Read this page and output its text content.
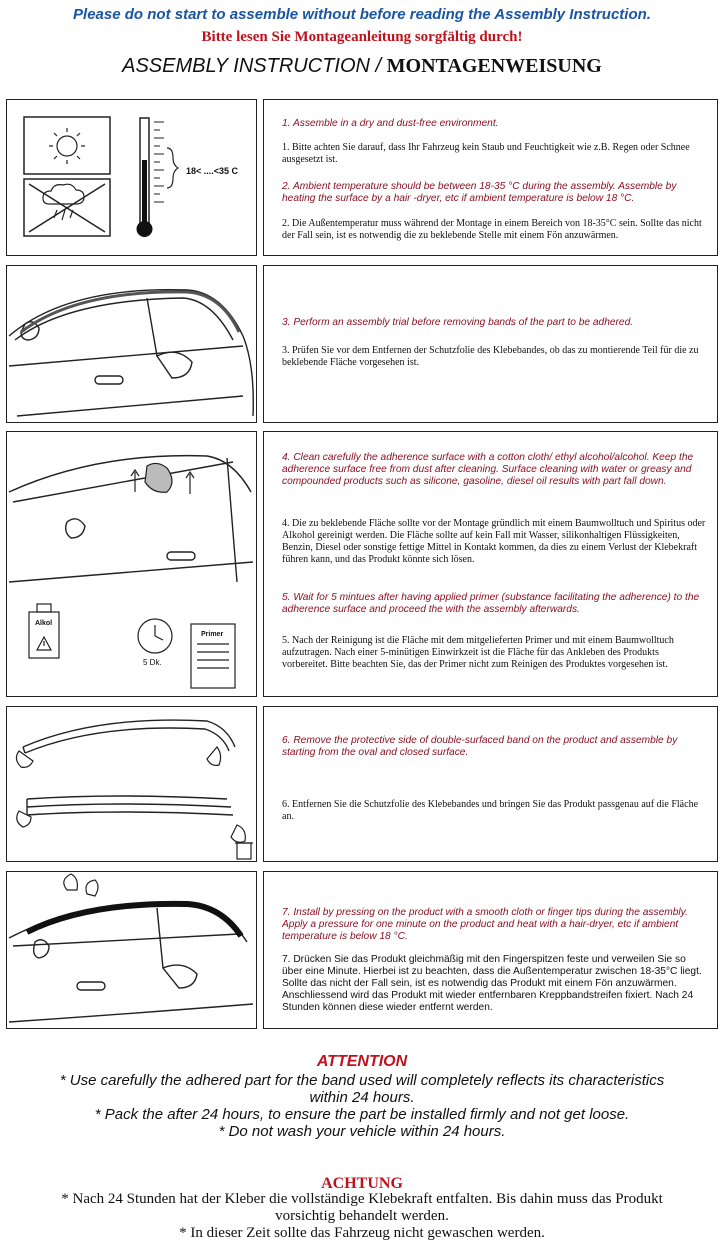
Please do not start to assemble without before reading the Assembly Instruction.
Bitte lesen Sie Montageanleitung sorgfältig durch!
ASSEMBLY INSTRUCTION / MONTAGENWEISUNG
18< ....<35 C
1. Assemble in a dry and dust-free environment.
1. Bitte achten Sie darauf, dass Ihr Fahrzeug kein Staub und Feuchtigkeit wie z.B. Regen oder Schnee ausgesetzt ist.
2. Ambient temperature should be between 18-35 °C during the assembly. Assemble by heating the surface by a hair -dryer, etc if ambient temperature is below 18 °C.
2. Die Außentemperatur muss während der Montage in einem Bereich von 18-35°C sein. Sollte das nicht der Fall sein, ist es notwendig die zu beklebende Stelle mit einem Fön anzuwärmen.
3. Perform an assembly trial before removing bands of the part to be adhered.
3. Prüfen Sie vor dem Entfernen der Schutzfolie des Klebebandes, ob das zu montierende Teil für die zu beklebende Fläche vorgesehen ist.
Alkol
5 Dk.
Primer
4. Clean carefully the adherence surface with a cotton cloth/ ethyl alcohol/alcohol. Keep the adherence surface free from dust after cleaning. Surface cleaning with water or greasy and compounded products such as silicone, gasoline, diesel oil results with part fall down.
4. Die zu beklebende Fläche sollte vor der Montage gründlich mit einem Baumwolltuch und Spiritus oder Alkohol gereinigt werden. Die Fläche sollte auf kein Fall mit Wasser, silikonhaltigen Flüssigkeiten, Benzin, Diesel oder sonstige fettige Mittel in Kontakt kommen, da dies zu einem Verlust der Klebekraft führen kann, und das Produkt könnte sich lösen.
5. Wait for 5 mintues after having applied primer (substance facilitating the adherence) to the adherence surface and proceed the with the assembly afterwards.
5. Nach der Reinigung ist die Fläche mit dem mitgelieferten Primer und mit einem Baumwolltuch aufzutragen. Nach einer 5-minütigen Einwirkzeit ist die Fläche für das Ankleben des Produkts vorbereitet. Bitte beachten Sie, das der Primer nicht zum Reinigen des Produktes vorgesehen ist.
6. Remove the protective side of double-surfaced band on the product and assemble by starting from the oval and closed surface.
6. Entfernen Sie die Schutzfolie des Klebebandes und bringen Sie das Produkt passgenau auf die Fläche an.
7. Install by pressing on the product with a smooth cloth or finger tips during the assembly. Apply a pressure for one minute on the product and heat with a hair-dryer, etc if ambient temperature is below 18 °C.
7. Drücken Sie das Produkt gleichmäßig mit den Fingerspitzen feste und verweilen Sie so über eine Minute. Hierbei ist zu beachten, dass die Außentemperatur zwischen 18-35°C liegt. Sollte das nicht der Fall sein, ist es notwendig das Produkt mit einem Fön anzuwärmen. Anschliessend wird das Produkt mit wieder entfernbaren Kreppbandstreifen fixiert. Nach 24 Stunden können diese wieder entfernt werden.
ATTENTION

* Use carefully the adhered part for the band used will completely reflects its characteristics within 24 hours.

* Pack the after 24 hours, to ensure the part be installed firmly and not get loose.

* Do not wash your vehicle within 24 hours.

ACHTUNG

* Nach 24 Stunden hat der Kleber die vollständige Klebekraft entfalten. Bis dahin muss das Produkt vorsichtig behandelt werden.

* In dieser Zeit sollte das Fahrzeug nicht gewaschen werden.
